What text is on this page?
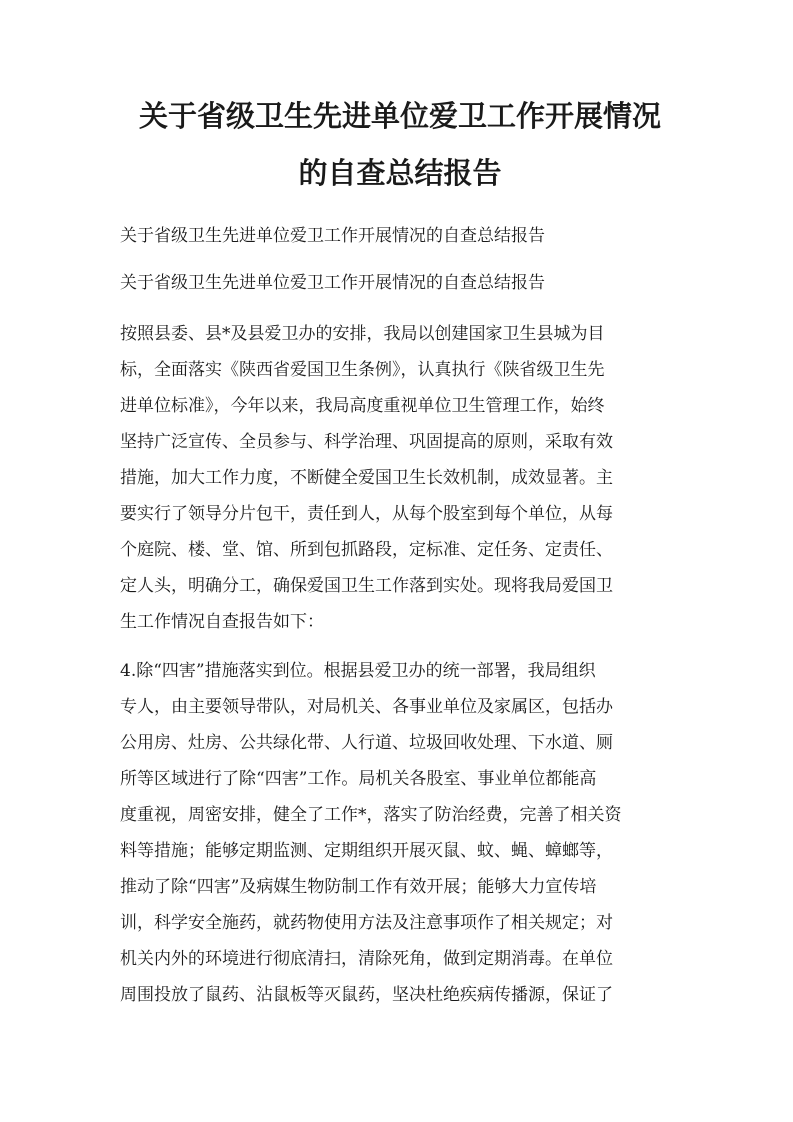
关于省级卫生先进单位爱卫工作开展情况
的自查总结报告

关于省级卫生先进单位爱卫工作开展情况的自查总结报告

关于省级卫生先进单位爱卫工作开展情况的自查总结报告

按照县委、县*及县爱卫办的安排，我局以创建国家卫生县城为目

标，全面落实《陕西省爱国卫生条例》，认真执行《陕省级卫生先

进单位标准》，今年以来，我局高度重视单位卫生管理工作，始终

坚持广泛宣传、全员参与、科学治理、巩固提高的原则，采取有效

措施，加大工作力度，不断健全爱国卫生长效机制，成效显著。主

要实行了领导分片包干，责任到人，从每个股室到每个单位，从每

个庭院、楼、堂、馆、所到包抓路段，定标准、定任务、定责任、

定人头，明确分工，确保爱国卫生工作落到实处。现将我局爱国卫

生工作情况自查报告如下：

4.除“四害”措施落实到位。根据县爱卫办的统一部署，我局组织

专人，由主要领导带队，对局机关、各事业单位及家属区，包括办

公用房、灶房、公共绿化带、人行道、垃圾回收处理、下水道、厕

所等区域进行了除“四害”工作。局机关各股室、事业单位都能高

度重视，周密安排，健全了工作*，落实了防治经费，完善了相关资

料等措施；能够定期监测、定期组织开展灭鼠、蚊、蝇、蟑螂等，

推动了除“四害”及病媒生物防制工作有效开展；能够大力宣传培

训，科学安全施药，就药物使用方法及注意事项作了相关规定；对

机关内外的环境进行彻底清扫，清除死角，做到定期消毒。在单位

周围投放了鼠药、沾鼠板等灭鼠药，坚决杜绝疾病传播源，保证了
